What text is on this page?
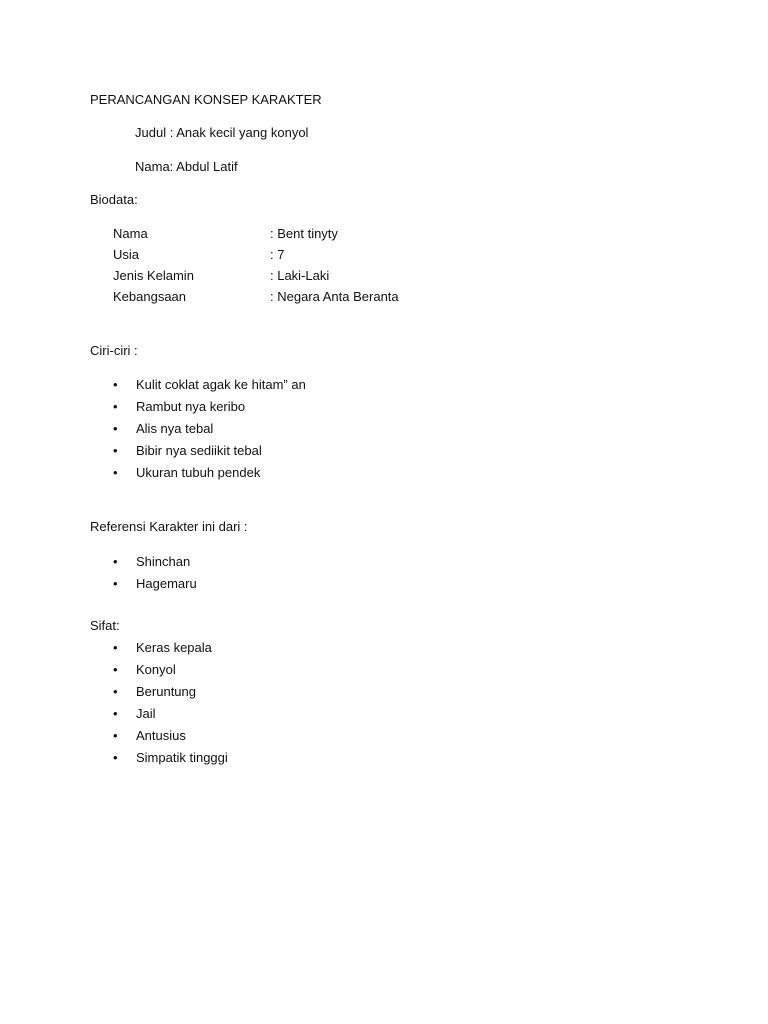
PERANCANGAN KONSEP KARAKTER
Judul : Anak kecil yang konyol
Nama: Abdul Latif
Biodata:
Nama	: Bent tinyty
Usia	: 7
Jenis Kelamin	: Laki-Laki
Kebangsaan	: Negara Anta Beranta
Ciri-ciri :
• Kulit coklat agak ke hitam” an
• Rambut nya keribo
• Alis nya tebal
• Bibir nya sediikit tebal
• Ukuran tubuh pendek
Referensi Karakter ini dari :
• Shinchan
• Hagemaru
Sifat:
• Keras kepala
• Konyol
• Beruntung
• Jail
• Antusius
• Simpatik tingggi
